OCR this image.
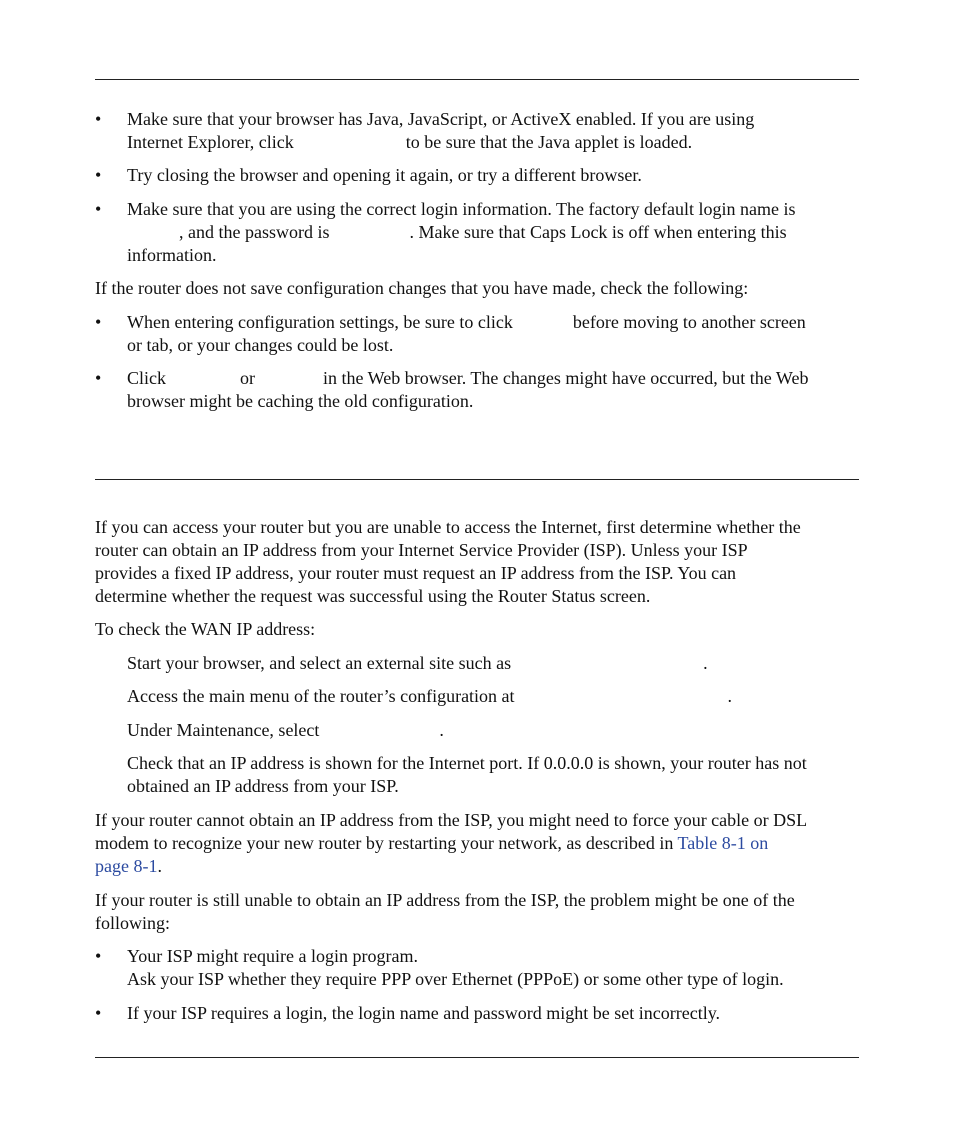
• Make sure that your browser has Java, JavaScript, or ActiveX enabled. If you are using
Internet Explorer, click	to be sure that the Java applet is loaded.

• Try closing the browser and opening it again, or try a different browser.

• Make sure that you are using the correct login information. The factory default login name is
, and the password is	. Make sure that Caps Lock is off when entering this
information.

If the router does not save configuration changes that you have made, check the following:

• When entering configuration settings, be sure to click	before moving to another screen
or tab, or your changes could be lost.

• Click	or	in the Web browser. The changes might have occurred, but the Web
browser might be caching the old configuration.

If you can access your router but you are unable to access the Internet, first determine whether the
router can obtain an IP address from your Internet Service Provider (ISP). Unless your ISP
provides a fixed IP address, your router must request an IP address from the ISP. You can
determine whether the request was successful using the Router Status screen.

To check the WAN IP address:

Start your browser, and select an external site such as	.

Access the main menu of the router’s configuration at	.

Under Maintenance, select	.

Check that an IP address is shown for the Internet port. If 0.0.0.0 is shown, your router has not
obtained an IP address from your ISP.

If your router cannot obtain an IP address from the ISP, you might need to force your cable or DSL
modem to recognize your new router by restarting your network, as described in Table 8-1 on
page 8-1.

If your router is still unable to obtain an IP address from the ISP, the problem might be one of the
following:

• Your ISP might require a login program.
Ask your ISP whether they require PPP over Ethernet (PPPoE) or some other type of login.

• If your ISP requires a login, the login name and password might be set incorrectly.
